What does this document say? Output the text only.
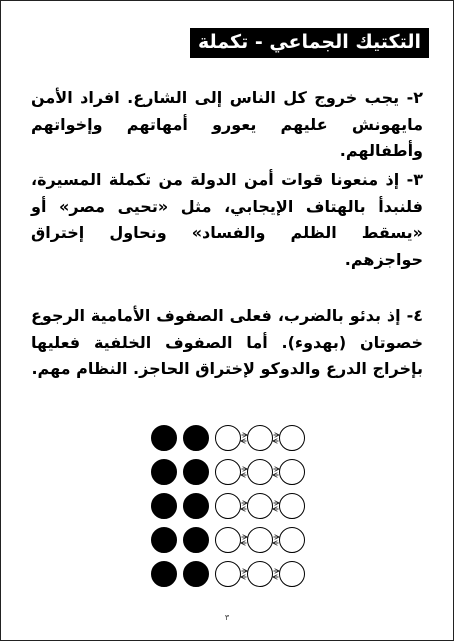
التكتيك الجماعي - تكملة

٢- يجب خروج كل الناس إلى الشارع. افراد الأمن مايهونش عليهم يعورو أمهاتهم وإخواتهم وأطفالهم.

٣- إذ منعونا قوات أمن الدولة من تكملة المسيرة، فلنبدأ بالهتاف الإيجابي، مثل «تحيى مصر» أو «يسقط الظلم والفساد» ونحاول إختراق حواجزهم.

٤- إذ بدئو بالضرب، فعلى الصفوف الأمامية الرجوع خصوتان (بهدوء). أما الصفوف الخلفية فعليها بإخراج الدرع والدوكو لإختراق الحاجز. النظام مهم.

٣
